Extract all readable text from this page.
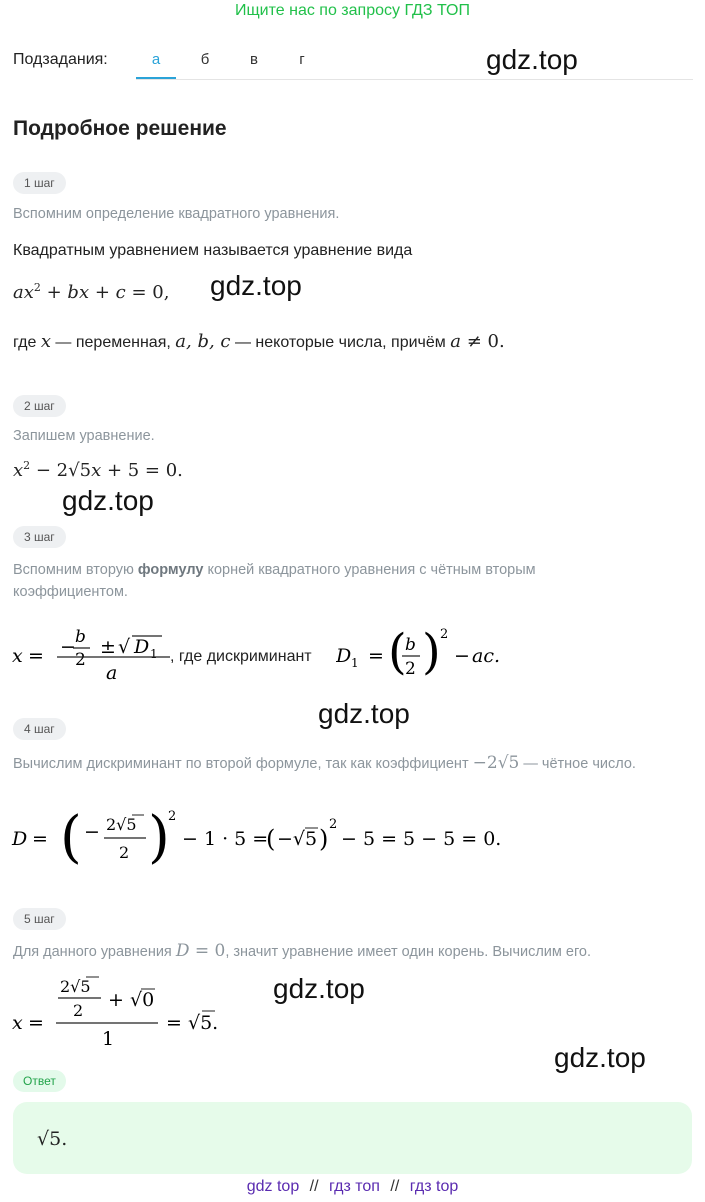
Ищите нас по запросу ГДЗ ТОП
Подзадания:	а	б	в	г	gdz.top
gdz.top
gdz.top
gdz.top
gdz.top
gdz.top
Подробное решение
1 шаг
Вспомним определение квадратного уравнения.
Квадратным уравнением называется уравнение вида
$ax^2$ + bx + c = 0,
где x — переменная, a, b, c — некоторые числа, причём a ≠ 0.
2 шаг
Запишем уравнение.
$x^2 - 2√5x + 5 = 0$.
3 шаг
Вспомним вторую формулу корней квадратного уравнения с чётным вторым коэффициентом.
x = − b
2
± √ D 1
a
, где дискриминант D 1 = (
b
2 ) 2
− ac.
4 шаг
Вычислим дискриминант по второй формуле, так как коэффициент −2√5 — чётное число.
D = ( − 2√5
2 )
2
− 1 · 5 =
( −√5 )
2
− 5 = 5 − 5 = 0.
5 шаг
Для данного уравнения D = 0, значит уравнение имеет один корень. Вычислим его.
x =
2√5
2 + √0
1
= √5.
Ответ
√5.
gdz top // гдз топ // гдз top
